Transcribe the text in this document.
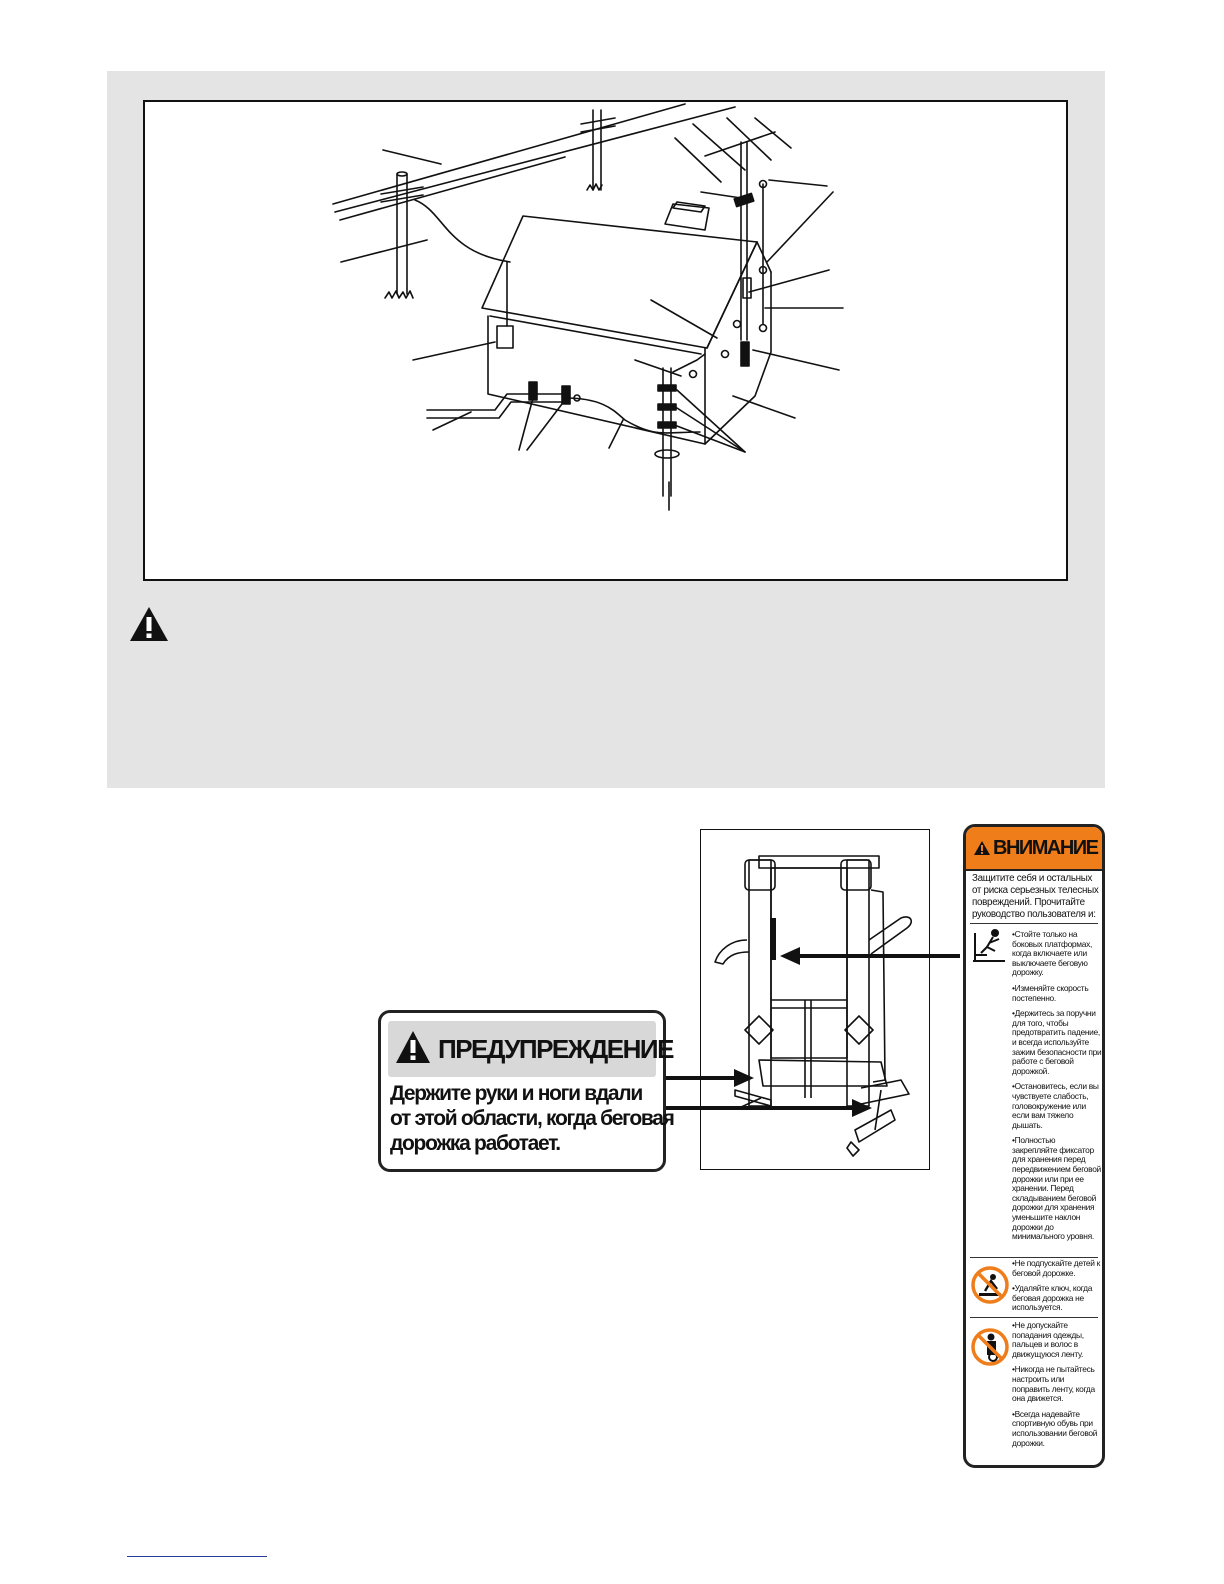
ПРЕДУПРЕЖДЕНИЕ
Держите руки и ноги вдали
от этой области, когда беговая
дорожка работает.
ВНИМАНИЕ
Защитите себя и остальных от риска серьезных телесных повреждений. Прочитайте руководство пользователя и:
•Стойте только на боковых платформах, когда включаете или выключаете беговую дорожку.
•Изменяйте скорость постепенно.
•Держитесь за поручни для того, чтобы предотвратить падение, и всегда используйте зажим безопасности при работе с беговой дорожкой.
•Остановитесь, если вы чувствуете слабость, головокружение или если вам тяжело дышать.
•Полностью закрепляйте фиксатор для хранения перед передвижением беговой дорожки или при ее хранении. Перед складыванием беговой дорожки для хранения уменьшите наклон дорожки до минимального уровня.
•Не подпускайте детей к беговой дорожке.
•Удаляйте ключ, когда беговая дорожка не используется.
•Не допускайте попадания одежды, пальцев и волос в движущуюся ленту.
•Никогда не пытайтесь настроить или поправить ленту, когда она движется.
•Всегда надевайте спортивную обувь при использовании беговой дорожки.
